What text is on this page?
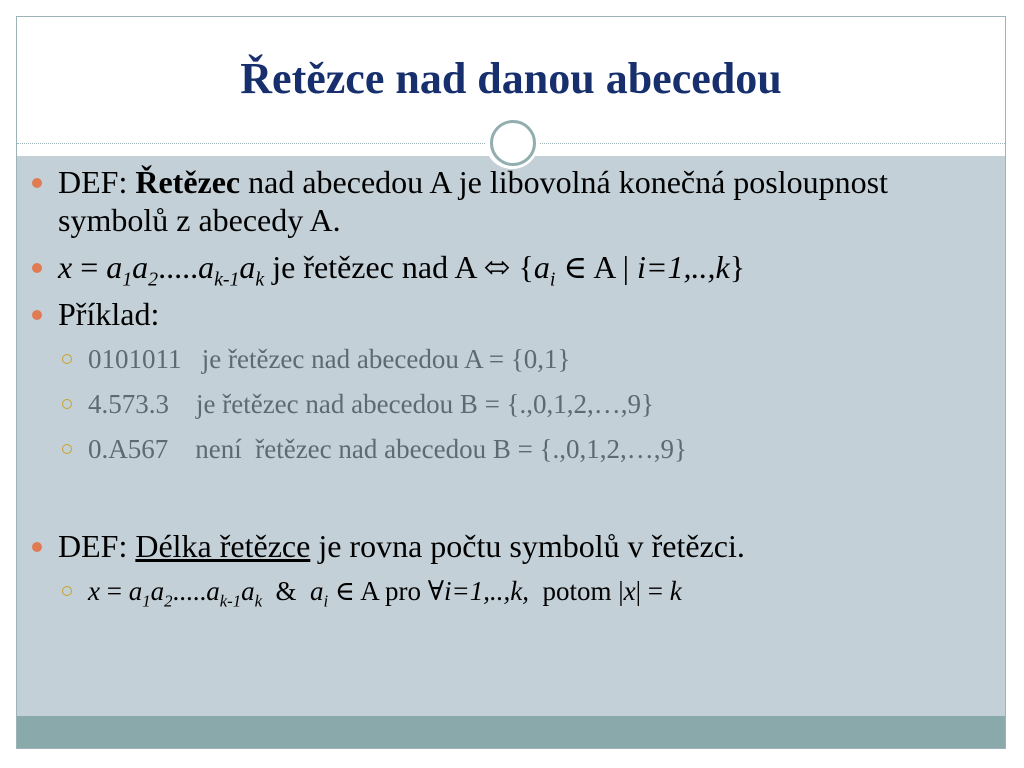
Řetězce nad danou abecedou
DEF: Řetězec nad abecedou A je libovolná konečná posloupnost symbolů z abecedy A.
$x = a_1a_2.....a_{k-1}a_k$ je řetězec nad A ⬄ {$a_i$ ∈ A | i=1,..,k}
Příklad:
0101011 je řetězec nad abecedou A = {0,1}
4.573.3 je řetězec nad abecedou B = {.,0,1,2,…,9}
0.A567 není  řetězec nad abecedou B = {.,0,1,2,…,9}
DEF: Délka řetězce je rovna počtu symbolů v řetězci.
$x = a_1a_2.....a_{k-1}a_k$  &  $a_i$ ∈ A pro ∀i=1,..,k,  potom |x| = k
